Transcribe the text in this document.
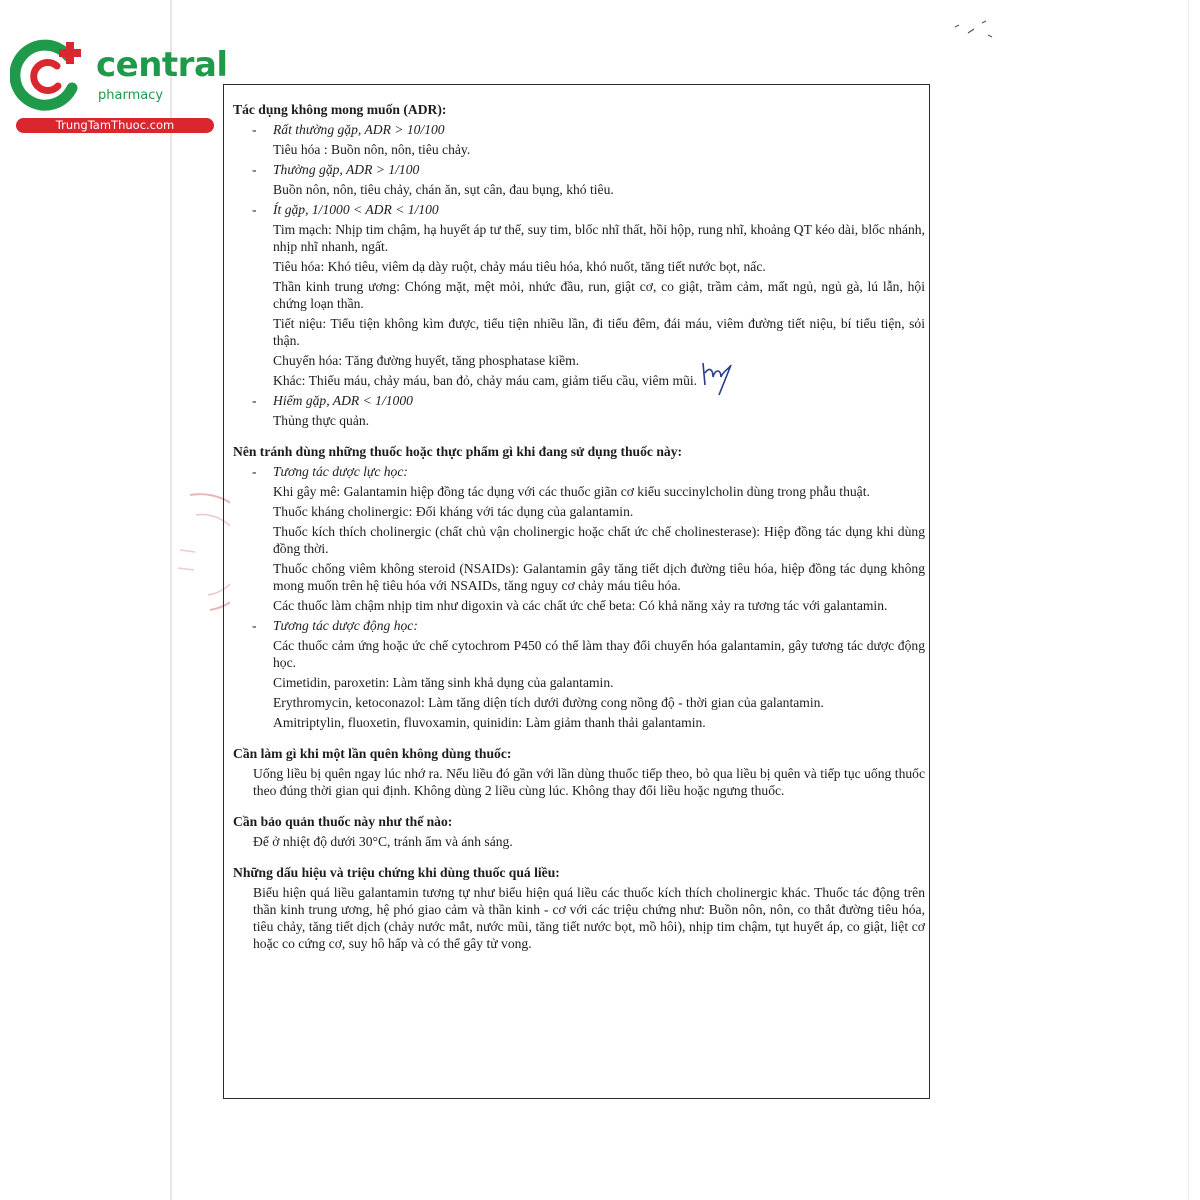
central
pharmacy
TrungTamThuoc.com
Tác dụng không mong muốn (ADR):
- Rất thường gặp, ADR > 10/100
Tiêu hóa : Buồn nôn, nôn, tiêu chảy.
- Thường gặp, ADR > 1/100
Buồn nôn, nôn, tiêu chảy, chán ăn, sụt cân, đau bụng, khó tiêu.
- Ít gặp, 1/1000 < ADR < 1/100
Tim mạch: Nhịp tim chậm, hạ huyết áp tư thế, suy tim, blốc nhĩ thất, hồi hộp, rung nhĩ, khoảng QT kéo dài, blốc nhánh, nhịp nhĩ nhanh, ngất.
Tiêu hóa: Khó tiêu, viêm dạ dày ruột, chảy máu tiêu hóa, khó nuốt, tăng tiết nước bọt, nấc.
Thần kinh trung ương: Chóng mặt, mệt mỏi, nhức đầu, run, giật cơ, co giật, trầm cảm, mất ngủ, ngủ gà, lú lẫn, hội chứng loạn thần.
Tiết niệu: Tiểu tiện không kìm được, tiểu tiện nhiều lần, đi tiểu đêm, đái máu, viêm đường tiết niệu, bí tiểu tiện, sỏi thận.
Chuyển hóa: Tăng đường huyết, tăng phosphatase kiềm.
Khác: Thiếu máu, chảy máu, ban đỏ, chảy máu cam, giảm tiểu cầu, viêm mũi.
- Hiếm gặp, ADR < 1/1000
Thủng thực quản.
Nên tránh dùng những thuốc hoặc thực phẩm gì khi đang sử dụng thuốc này:
- Tương tác dược lực học:
Khi gây mê: Galantamin hiệp đồng tác dụng với các thuốc giãn cơ kiểu succinylcholin dùng trong phẫu thuật.
Thuốc kháng cholinergic: Đối kháng với tác dụng của galantamin.
Thuốc kích thích cholinergic (chất chủ vận cholinergic hoặc chất ức chế cholinesterase): Hiệp đồng tác dụng khi dùng đồng thời.
Thuốc chống viêm không steroid (NSAIDs): Galantamin gây tăng tiết dịch đường tiêu hóa, hiệp đồng tác dụng không mong muốn trên hệ tiêu hóa với NSAIDs, tăng nguy cơ chảy máu tiêu hóa.
Các thuốc làm chậm nhịp tim như digoxin và các chất ức chế beta: Có khả năng xảy ra tương tác với galantamin.
- Tương tác dược động học:
Các thuốc cảm ứng hoặc ức chế cytochrom P450 có thể làm thay đổi chuyển hóa galantamin, gây tương tác dược động học.
Cimetidin, paroxetin: Làm tăng sinh khả dụng của galantamin.
Erythromycin, ketoconazol: Làm tăng diện tích dưới đường cong nồng độ - thời gian của galantamin.
Amitriptylin, fluoxetin, fluvoxamin, quinidin: Làm giảm thanh thải galantamin.
Cần làm gì khi một lần quên không dùng thuốc:
Uống liều bị quên ngay lúc nhớ ra. Nếu liều đó gần với lần dùng thuốc tiếp theo, bỏ qua liều bị quên và tiếp tục uống thuốc theo đúng thời gian qui định. Không dùng 2 liều cùng lúc. Không thay đổi liều hoặc ngưng thuốc.
Cần bảo quản thuốc này như thế nào:
Để ở nhiệt độ dưới 30°C, tránh ẩm và ánh sáng.
Những dấu hiệu và triệu chứng khi dùng thuốc quá liều:
Biểu hiện quá liều galantamin tương tự như biểu hiện quá liều các thuốc kích thích cholinergic khác. Thuốc tác động trên thần kinh trung ương, hệ phó giao cảm và thần kinh - cơ với các triệu chứng như: Buồn nôn, nôn, co thắt đường tiêu hóa, tiêu chảy, tăng tiết dịch (chảy nước mắt, nước mũi, tăng tiết nước bọt, mồ hôi), nhịp tim chậm, tụt huyết áp, co giật, liệt cơ hoặc co cứng cơ, suy hô hấp và có thể gây tử vong.
